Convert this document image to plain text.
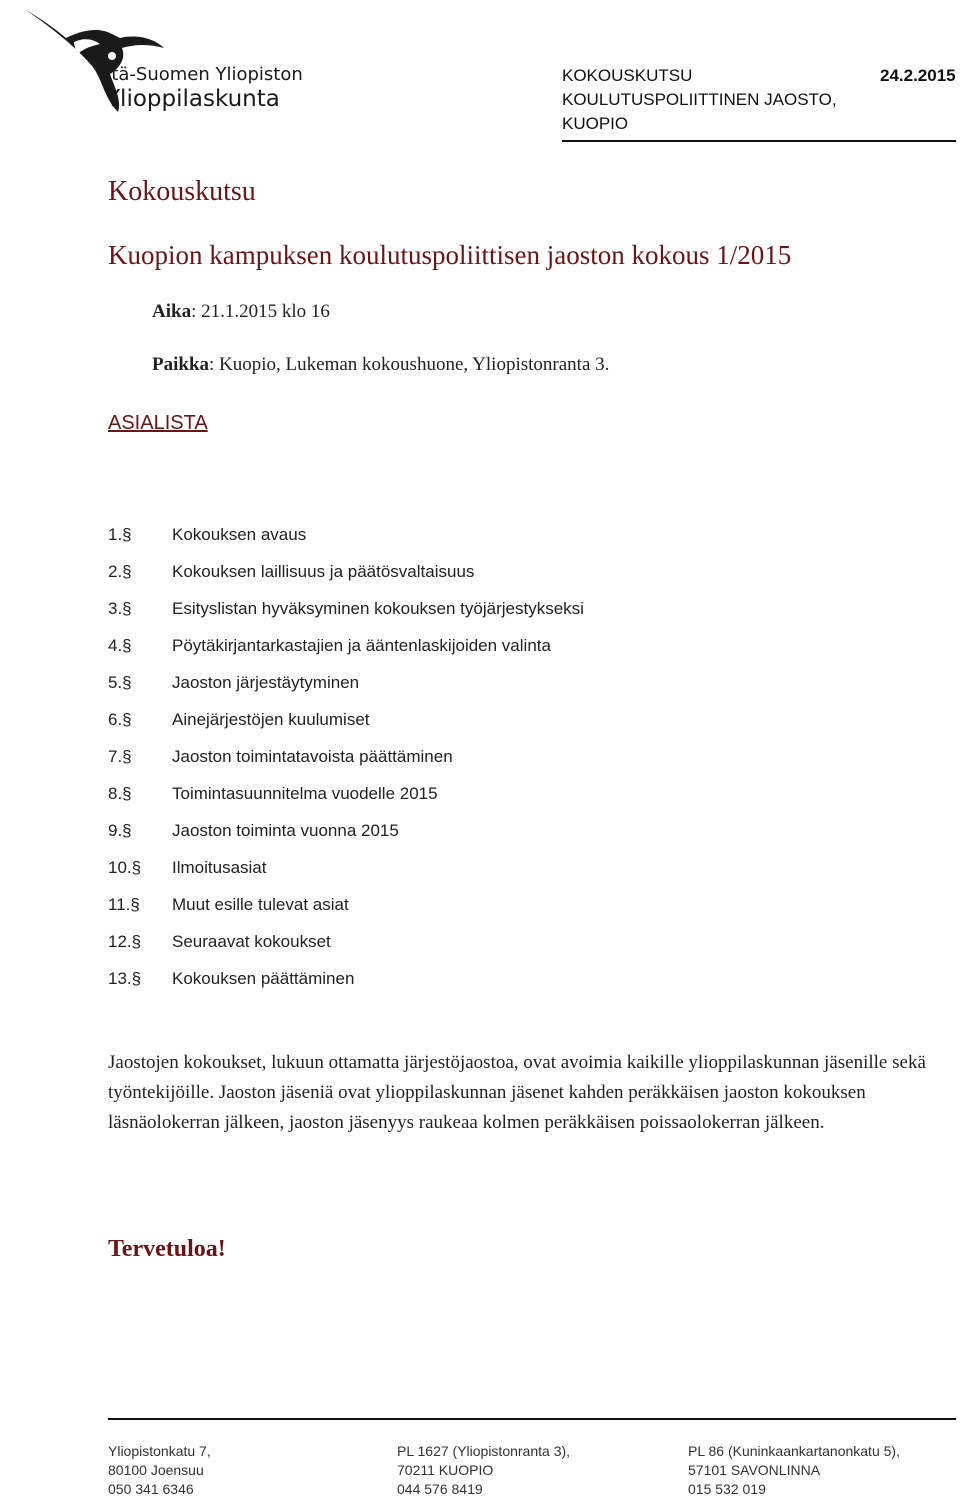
Itä-Suomen Yliopiston
Ylioppilaskunta
KOKOUSKUTSU
KOULUTUSPOLIITTINEN JAOSTO,
KUOPIO
24.2.2015
Kokouskutsu
Kuopion kampuksen koulutuspoliittisen jaoston kokous 1/2015
Aika: 21.1.2015 klo 16
Paikka: Kuopio, Lukeman kokoushuone, Yliopistonranta 3.
ASIALISTA
1.§	Kokouksen avaus
2.§	Kokouksen laillisuus ja päätösvaltaisuus
3.§	Esityslistan hyväksyminen kokouksen työjärjestykseksi
4.§	Pöytäkirjantarkastajien ja ääntenlaskijoiden valinta
5.§	Jaoston järjestäytyminen
6.§	Ainejärjestöjen kuulumiset
7.§	Jaoston toimintatavoista päättäminen
8.§	Toimintasuunnitelma vuodelle 2015
9.§	Jaoston toiminta vuonna 2015
10.§	Ilmoitusasiat
11.§	Muut esille tulevat asiat
12.§	Seuraavat kokoukset
13.§	Kokouksen päättäminen

Jaostojen kokoukset, lukuun ottamatta järjestöjaostoa, ovat avoimia kaikille ylioppilaskunnan jäsenille sekä työntekijöille. Jaoston jäseniä ovat ylioppilaskunnan jäsenet kahden peräkkäisen jaoston kokouksen läsnäolokerran jälkeen, jaoston jäsenyys raukeaa kolmen peräkkäisen poissaolokerran jälkeen.

Tervetuloa!
Yliopistonkatu 7,
80100 Joensuu
050 341 6346
PL 1627 (Yliopistonranta 3),
70211 KUOPIO
044 576 8419
PL 86 (Kuninkaankartanonkatu 5),
57101 SAVONLINNA
015 532 019
